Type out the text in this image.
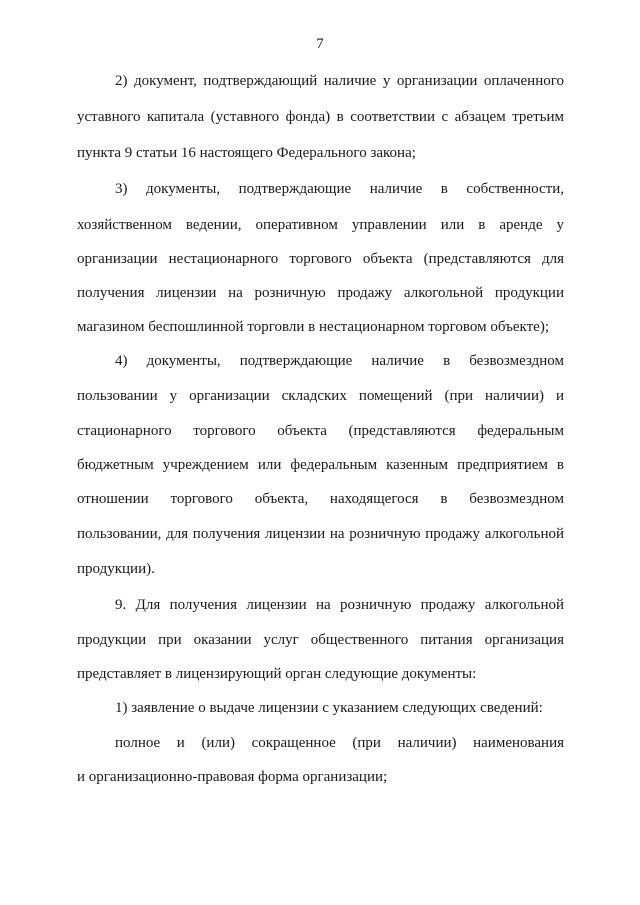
7
2) документ, подтверждающий наличие у организации оплаченного
уставного капитала (уставного фонда) в соответствии с абзацем третьим
пункта 9 статьи 16 настоящего Федерального закона;
3) документы, подтверждающие наличие в собственности,
хозяйственном ведении, оперативном управлении или в аренде у
организации нестационарного торгового объекта (представляются для
получения лицензии на розничную продажу алкогольной продукции
магазином беспошлинной торговли в нестационарном торговом объекте);
4) документы, подтверждающие наличие в безвозмездном
пользовании у организации складских помещений (при наличии) и
стационарного торгового объекта (представляются федеральным
бюджетным учреждением или федеральным казенным предприятием в
отношении торгового объекта, находящегося в безвозмездном
пользовании, для получения лицензии на розничную продажу алкогольной
продукции).
9. Для получения лицензии на розничную продажу алкогольной
продукции при оказании услуг общественного питания организация
представляет в лицензирующий орган следующие документы:
1) заявление о выдаче лицензии с указанием следующих сведений:
полное и (или) сокращенное (при наличии) наименования
и организационно-правовая форма организации;
